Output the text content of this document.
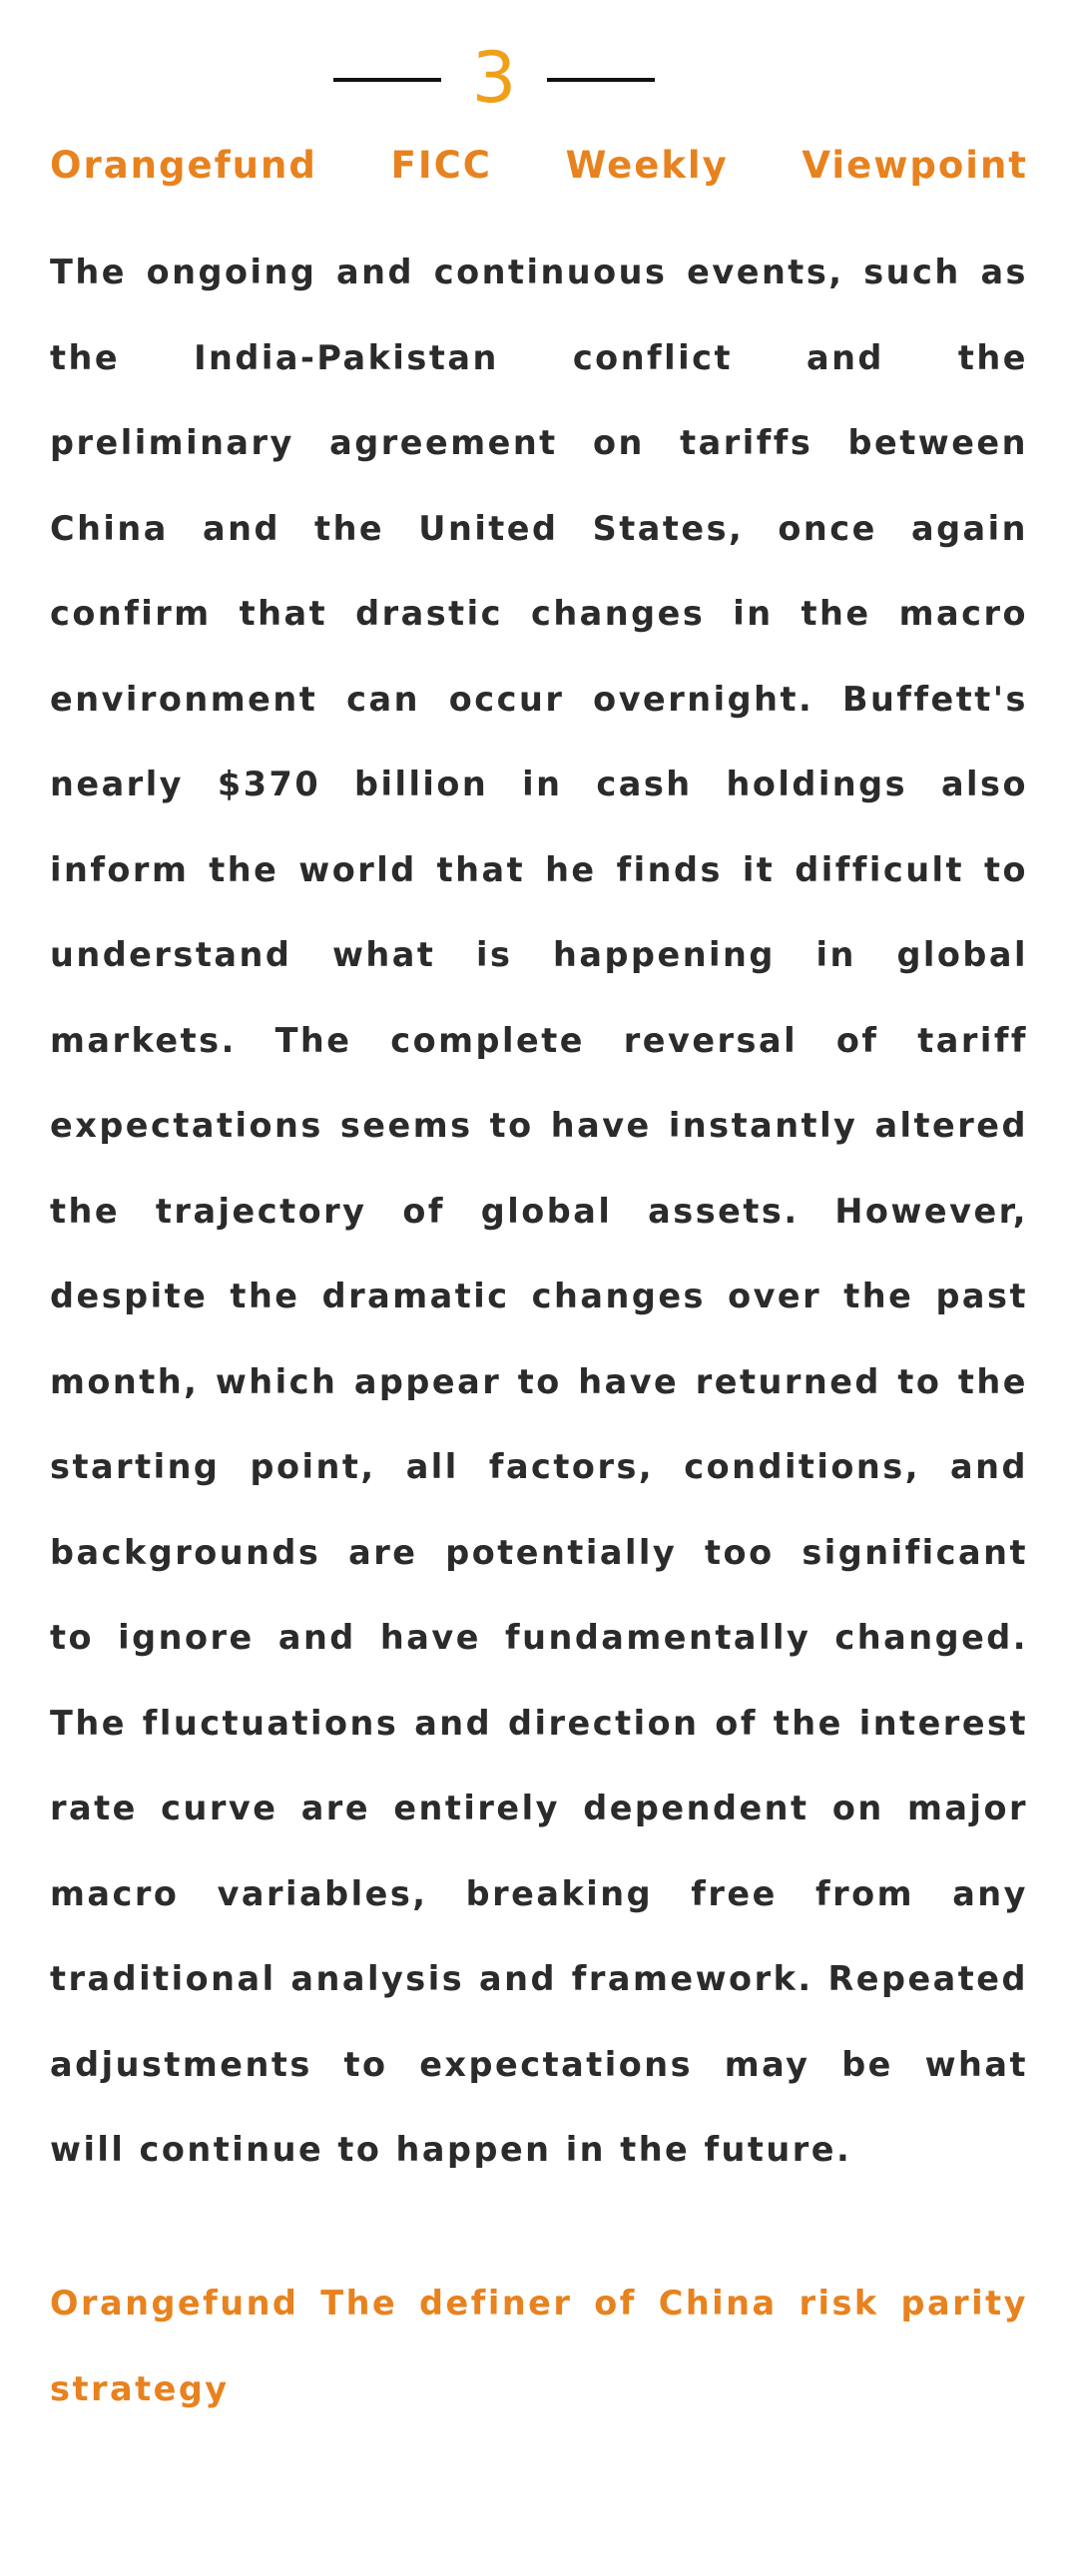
3
Orangefund FICC Weekly Viewpoint

The ongoing and continuous events, such as the India-Pakistan conflict and the preliminary agreement on tariffs between China and the United States, once again confirm that drastic changes in the macro environment can occur overnight. Buffett's nearly $370 billion in cash holdings also inform the world that he finds it difficult to understand what is happening in global markets. The complete reversal of tariff expectations seems to have instantly altered the trajectory of global assets. However, despite the dramatic changes over the past month, which appear to have returned to the starting point, all factors, conditions, and backgrounds are potentially too significant to ignore and have fundamentally changed. The fluctuations and direction of the interest rate curve are entirely dependent on major macro variables, breaking free from any traditional analysis and framework. Repeated adjustments to expectations may be what will continue to happen in the future.

Orangefund The definer of China risk parity strategy
